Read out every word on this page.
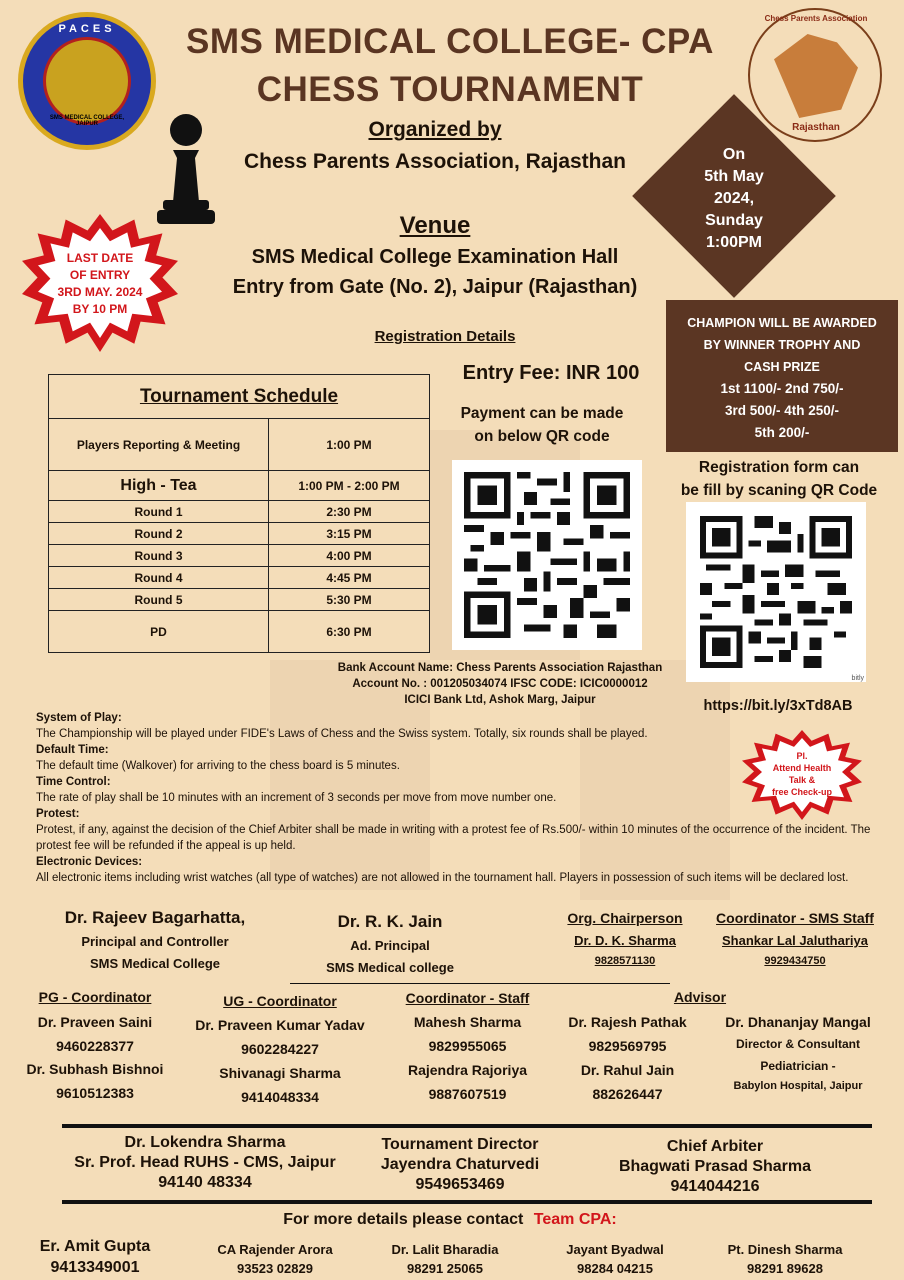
PACES
SMS MEDICAL COLLEGE, JAIPUR
Chess Parents Association
Rajasthan
SMS MEDICAL COLLEGE- CPA CHESS TOURNAMENT
Organized by
Chess Parents Association, Rajasthan	On
5th May
2024,
Sunday
1:00PM
Venue
SMS Medical College Examination Hall
Entry from Gate (No. 2), Jaipur (Rajasthan)
LAST DATE
OF ENTRY
3RD MAY. 2024
BY 10 PM
Registration Details
CHAMPION WILL BE AWARDED
BY WINNER TROPHY AND
CASH PRIZE
1st 1100/- 2nd 750/-
3rd 500/- 4th 250/-
5th 200/-
Tournament Schedule	
Players Reporting & Meeting	1:00 PM
High - Tea	1:00 PM - 2:00 PM
Round 1	2:30 PM
Round 2	3:15 PM
Round 3	4:00 PM
Round 4	4:45 PM
Round 5	5:30 PM
PD	6:30 PM
Entry Fee: INR 100
Payment can be made
on below QR code
Registration form can
be fill by scaning QR Code
bitly
Bank Account Name: Chess Parents Association Rajasthan
Account No. : 001205034074 IFSC CODE: ICIC0000012
ICICI Bank Ltd, Ashok Marg, Jaipur	https://bit.ly/3xTd8AB
Pl.
Attend Health
Talk &
free Check-up
System of Play:
The Championship will be played under FIDE's Laws of Chess and the Swiss system. Totally, six rounds shall be played.
Default Time:
The default time (Walkover) for arriving to the chess board is 5 minutes.
Time Control:
The rate of play shall be 10 minutes with an increment of 3 seconds per move from move number one.
Protest:
Protest, if any, against the decision of the Chief Arbiter shall be made in writing with a protest fee of Rs.500/- within 10 minutes of the occurrence of the incident. The protest fee will be refunded if the appeal is up held.
Electronic Devices:
All electronic items including wrist watches (all type of watches) are not allowed in the tournament hall. Players in possession of such items will be declared lost.
Dr. Rajeev Bagarhatta,
Principal and Controller
SMS Medical College
Dr. R. K. Jain
Ad. Principal
SMS Medical college
Org. Chairperson
Dr. D. K. Sharma
9828571130
Coordinator - SMS Staff
Shankar Lal Jaluthariya
9929434750
PG - Coordinator
Dr. Praveen Saini
9460228377
Dr. Subhash Bishnoi
9610512383
UG - Coordinator
Dr. Praveen Kumar Yadav
9602284227
Shivanagi Sharma
9414048334
Coordinator - Staff
Mahesh Sharma
9829955065
Rajendra Rajoriya
9887607519
Advisor
Dr. Rajesh Pathak
9829569795
Dr. Rahul Jain
882626447
Dr. Dhananjay Mangal
Director & Consultant
Pediatrician -
Babylon Hospital, Jaipur
Dr. Lokendra Sharma
Sr. Prof. Head RUHS - CMS, Jaipur
94140 48334
Tournament Director
Jayendra Chaturvedi
9549653469
Chief Arbiter
Bhagwati Prasad Sharma
9414044216
For more details please contact Team CPA:
Er. Amit Gupta
9413349001
CA Rajender Arora
93523 02829
Dr. Lalit Bharadia
98291 25065
Jayant Byadwal
98284 04215
Pt. Dinesh Sharma
98291 89628
